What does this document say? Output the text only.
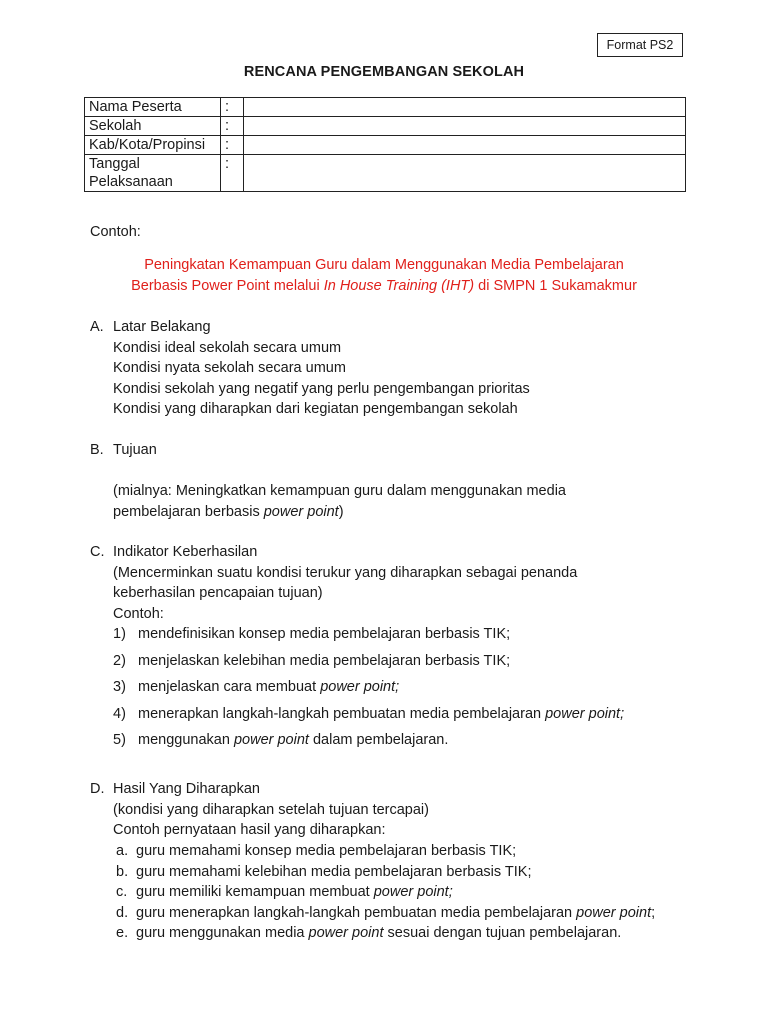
Format PS2
RENCANA PENGEMBANGAN SEKOLAH
Nama Peserta	:	
Sekolah	:	
Kab/Kota/Propinsi	:	
Tanggal Pelaksanaan	:	
Contoh:
Peningkatan Kemampuan Guru dalam Menggunakan Media Pembelajaran
Berbasis Power Point melalui In House Training (IHT) di SMPN 1 Sukamakmur
A. Latar Belakang
Kondisi ideal sekolah secara umum
Kondisi nyata sekolah secara umum
Kondisi sekolah yang negatif yang perlu pengembangan prioritas
Kondisi yang diharapkan dari kegiatan pengembangan sekolah
B. Tujuan
(mialnya: Meningkatkan kemampuan guru dalam menggunakan media
pembelajaran berbasis power point)
C. Indikator Keberhasilan
(Mencerminkan suatu kondisi terukur yang diharapkan sebagai penanda
keberhasilan pencapaian tujuan)
Contoh:
1) mendefinisikan konsep media pembelajaran berbasis TIK;
2) menjelaskan kelebihan media pembelajaran berbasis TIK;
3) menjelaskan cara membuat power point;
4) menerapkan langkah-langkah pembuatan media pembelajaran power point;
5) menggunakan power point dalam pembelajaran.
D. Hasil Yang Diharapkan
(kondisi yang diharapkan setelah tujuan tercapai)
Contoh pernyataan hasil yang diharapkan:
a. guru memahami konsep media pembelajaran berbasis TIK;
b. guru memahami kelebihan media pembelajaran berbasis TIK;
c. guru memiliki kemampuan membuat power point;
d. guru menerapkan langkah-langkah pembuatan media pembelajaran power point;
e. guru menggunakan media power point sesuai dengan tujuan pembelajaran.
